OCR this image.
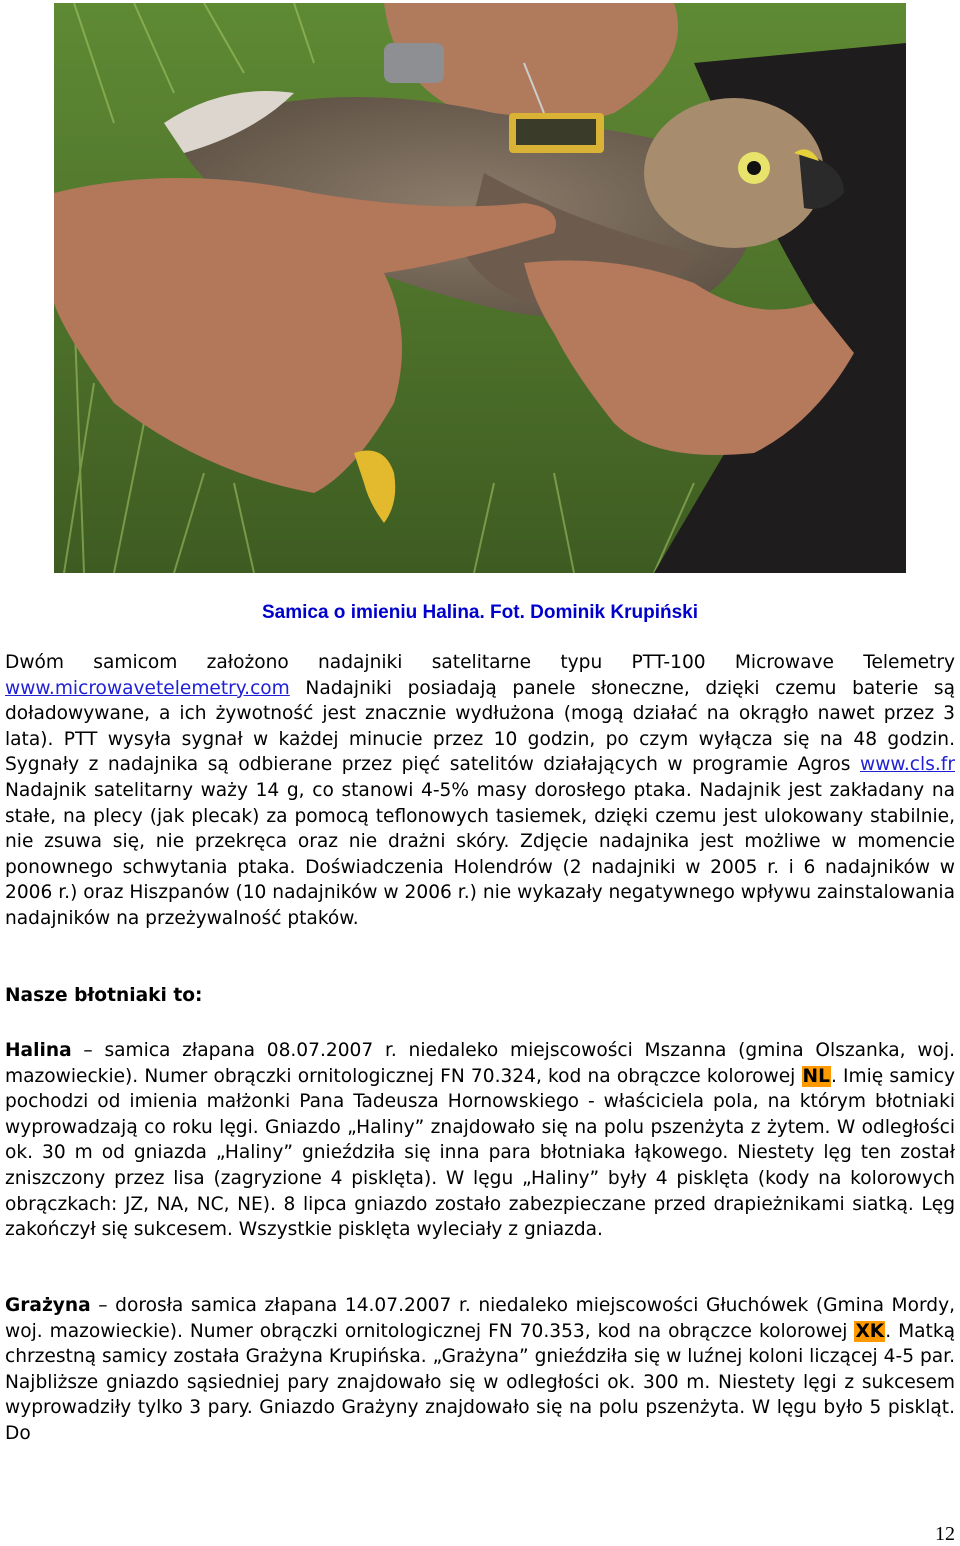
Samica o imieniu Halina. Fot. Dominik Krupiński
Dwóm samicom założono nadajniki satelitarne typu PTT-100 Microwave Telemetry www.microwavetelemetry.com Nadajniki posiadają panele słoneczne, dzięki czemu baterie są doładowywane, a ich żywotność jest znacznie wydłużona (mogą działać na okrągło nawet przez 3 lata). PTT wysyła sygnał w każdej minucie przez 10 godzin, po czym wyłącza się na 48 godzin. Sygnały z nadajnika są odbierane przez pięć satelitów działających w programie Agros www.cls.fr Nadajnik satelitarny waży 14 g, co stanowi 4-5% masy dorosłego ptaka. Nadajnik jest zakładany na stałe, na plecy (jak plecak) za pomocą teflonowych tasiemek, dzięki czemu jest ulokowany stabilnie, nie zsuwa się, nie przekręca oraz nie drażni skóry. Zdjęcie nadajnika jest możliwe w momencie ponownego schwytania ptaka. Doświadczenia Holendrów (2 nadajniki w 2005 r. i 6 nadajników w 2006 r.) oraz Hiszpanów (10 nadajników w 2006 r.) nie wykazały negatywnego wpływu zainstalowania nadajników na przeżywalność ptaków.
Nasze błotniaki to:
Halina – samica złapana 08.07.2007 r. niedaleko miejscowości Mszanna (gmina Olszanka, woj. mazowieckie). Numer obrączki ornitologicznej FN 70.324, kod na obrączce kolorowej NL. Imię samicy pochodzi od imienia małżonki Pana Tadeusza Hornowskiego - właściciela pola, na którym błotniaki wyprowadzają co roku lęgi. Gniazdo „Haliny” znajdowało się na polu pszenżyta z żytem. W odległości ok. 30 m od gniazda „Haliny” gnieździła się inna para błotniaka łąkowego. Niestety lęg ten został zniszczony przez lisa (zagryzione 4 pisklęta). W lęgu „Haliny” były 4 pisklęta (kody na kolorowych obrączkach: JZ, NA, NC, NE). 8 lipca gniazdo zostało zabezpieczane przed drapieżnikami siatką. Lęg zakończył się sukcesem. Wszystkie pisklęta wyleciały z gniazda.
Grażyna – dorosła samica złapana 14.07.2007 r. niedaleko miejscowości Głuchówek (Gmina Mordy, woj. mazowieckie). Numer obrączki ornitologicznej FN 70.353, kod na obrączce kolorowej XK. Matką chrzestną samicy została Grażyna Krupińska. „Grażyna” gnieździła się w luźnej koloni liczącej 4-5 par. Najbliższe gniazdo sąsiedniej pary znajdowało się w odległości ok. 300 m. Niestety lęgi z sukcesem wyprowadziły tylko 3 pary. Gniazdo Grażyny znajdowało się na polu pszenżyta. W lęgu było 5 piskląt. Do
12
